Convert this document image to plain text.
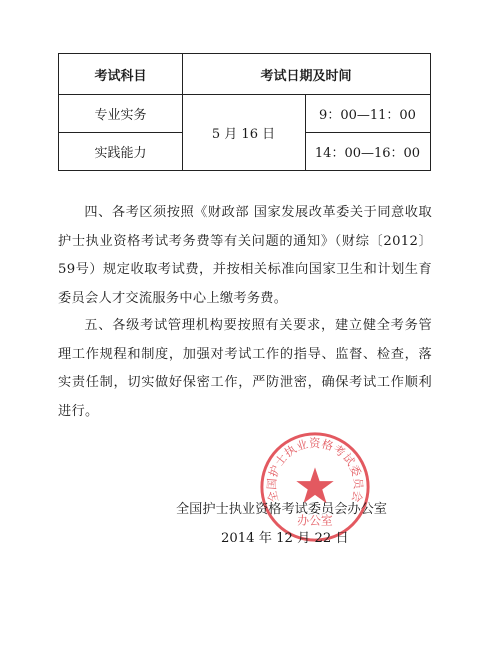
考试科目	考试日期及时间
专业实务
实践能力
5 月 16 日
9：00—11：00
14：00—16：00
四、各考区须按照《财政部 国家发展改革委关于同意收取护士执业资格考试考务费等有关问题的通知》（财综〔2012〕59号）规定收取考试费，并按相关标准向国家卫生和计划生育委员会人才交流服务中心上缴考务费。
五、各级考试管理机构要按照有关要求，建立健全考务管理工作规程和制度，加强对考试工作的指导、监督、检查，落实责任制，切实做好保密工作，严防泄密，确保考试工作顺利进行。
全国护士执业资格考试委员会
办公室
全国护士执业资格考试委员会办公室
2014 年 12 月 22 日
